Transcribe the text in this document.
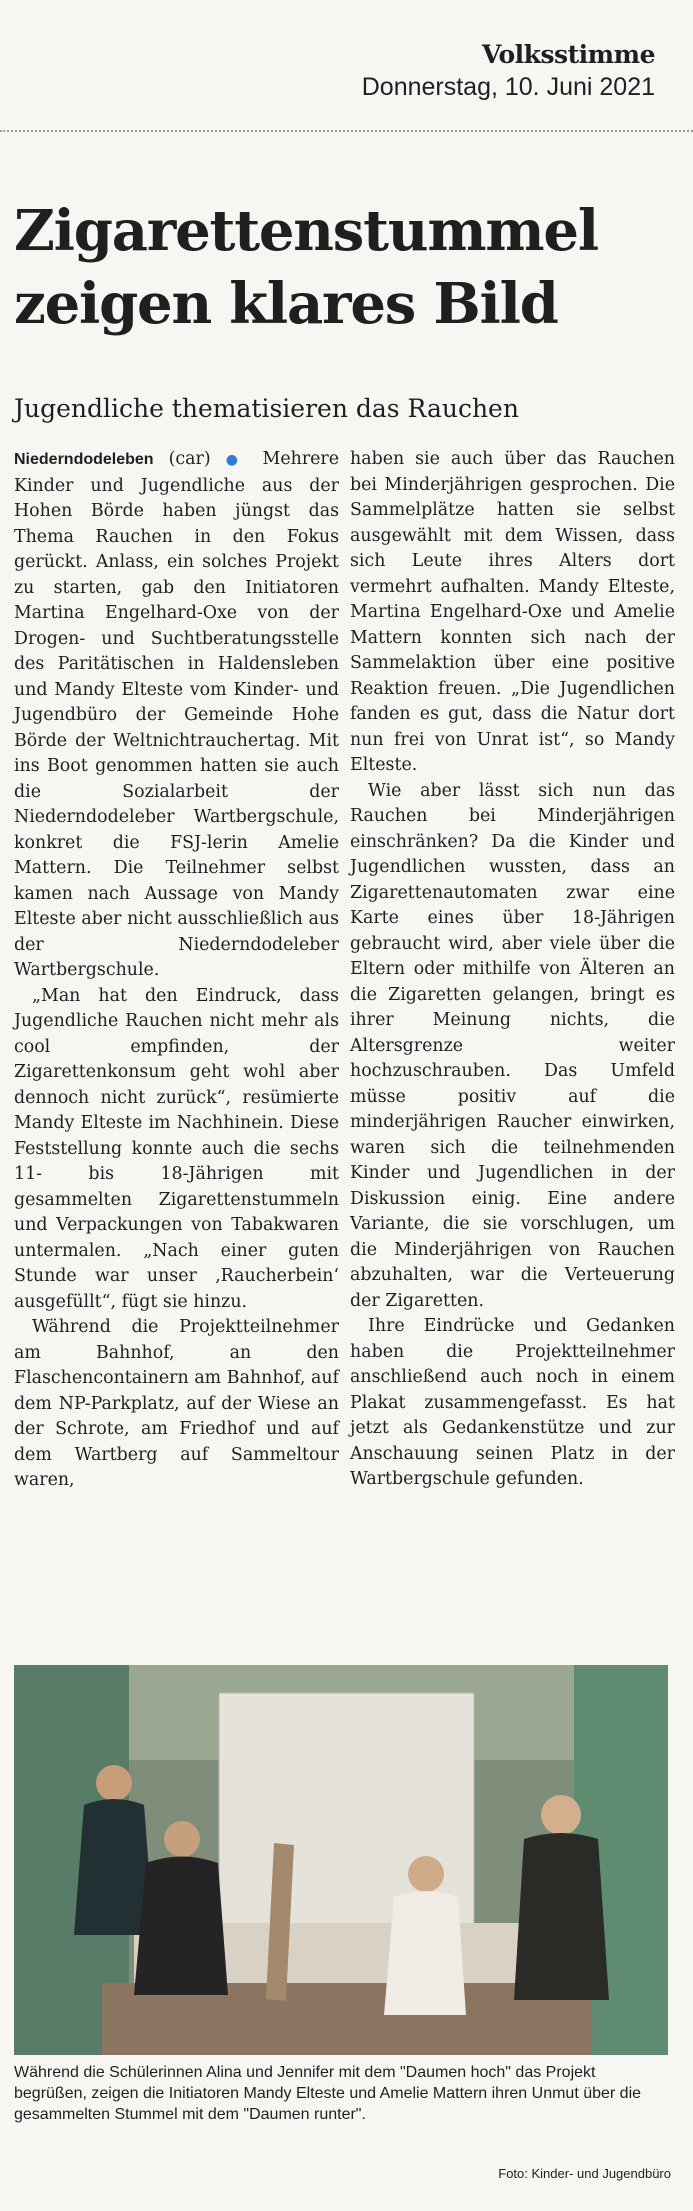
Volksstimme
Donnerstag, 10. Juni 2021
Zigarettenstummel
zeigen klares Bild
Jugendliche thematisieren das Rauchen

Niederndodeleben (car) ● Mehrere Kinder und Jugendliche aus der Hohen Börde haben jüngst das Thema Rauchen in den Fokus gerückt. Anlass, ein solches Projekt zu starten, gab den Initiatoren Martina Engelhard-Oxe von der Drogen- und Suchtberatungsstelle des Paritätischen in Haldensleben und Mandy Elteste vom Kinder- und Jugendbüro der Gemeinde Hohe Börde der Weltnichtrauchertag. Mit ins Boot genommen hatten sie auch die Sozialarbeit der Niederndodeleber Wartbergschule, konkret die FSJ-lerin Amelie Mattern. Die Teilnehmer selbst kamen nach Aussage von Mandy Elteste aber nicht ausschließlich aus der Niederndodeleber Wartbergschule.

„Man hat den Eindruck, dass Jugendliche Rauchen nicht mehr als cool empfinden, der Zigarettenkonsum geht wohl aber dennoch nicht zurück“, resümierte Mandy Elteste im Nachhinein. Diese Feststellung konnte auch die sechs 11- bis 18-Jährigen mit gesammelten Zigarettenstummeln und Verpackungen von Tabakwaren untermalen. „Nach einer guten Stunde war unser ‚Raucherbein‘ ausgefüllt“, fügt sie hinzu.

Während die Projektteilnehmer am Bahnhof, an den Flaschencontainern am Bahnhof, auf dem NP-Parkplatz, auf der Wiese an der Schrote, am Friedhof und auf dem Wartberg auf Sammeltour waren,

haben sie auch über das Rauchen bei Minderjährigen gesprochen. Die Sammelplätze hatten sie selbst ausgewählt mit dem Wissen, dass sich Leute ihres Alters dort vermehrt aufhalten. Mandy Elteste, Martina Engelhard-Oxe und Amelie Mattern konnten sich nach der Sammelaktion über eine positive Reaktion freuen. „Die Jugendlichen fanden es gut, dass die Natur dort nun frei von Unrat ist“, so Mandy Elteste.

Wie aber lässt sich nun das Rauchen bei Minderjährigen einschränken? Da die Kinder und Jugendlichen wussten, dass an Zigarettenautomaten zwar eine Karte eines über 18-Jährigen gebraucht wird, aber viele über die Eltern oder mithilfe von Älteren an die Zigaretten gelangen, bringt es ihrer Meinung nichts, die Altersgrenze weiter hochzuschrauben. Das Umfeld müsse positiv auf die minderjährigen Raucher einwirken, waren sich die teilnehmenden Kinder und Jugendlichen in der Diskussion einig. Eine andere Variante, die sie vorschlugen, um die Minderjährigen von Rauchen abzuhalten, war die Verteuerung der Zigaretten.

Ihre Eindrücke und Gedanken haben die Projektteilnehmer anschließend auch noch in einem Plakat zusammengefasst. Es hat jetzt als Gedankenstütze und zur Anschauung seinen Platz in der Wartbergschule gefunden.

Während die Schülerinnen Alina und Jennifer mit dem "Daumen hoch" das Projekt begrüßen, zeigen die Initiatoren Mandy Elteste und Amelie Mattern ihren Unmut über die gesammelten Stummel mit dem "Daumen runter".
Foto: Kinder- und Jugendbüro
